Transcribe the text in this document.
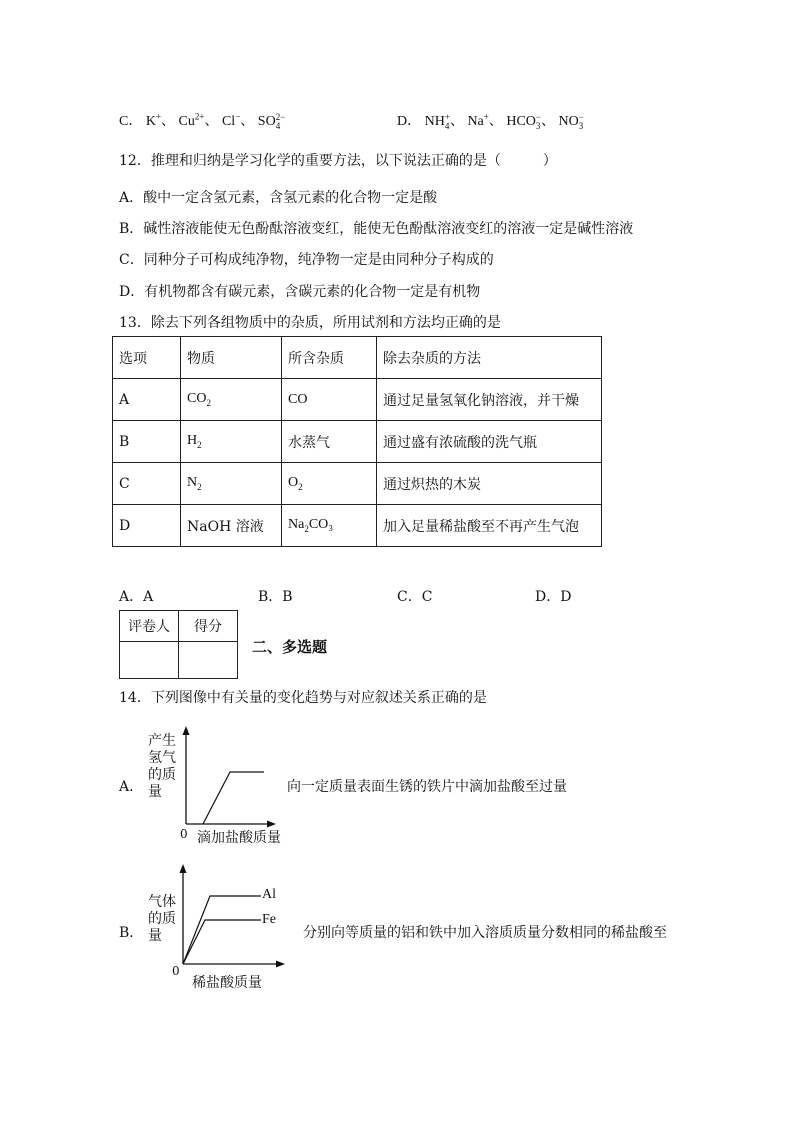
C． K+、 $Cu^{2+}$、 Cl−、 SO 2−
4	D． NH +
4 、 Na+、 HCO −
3 、 NO −
3
12．推理和归纳是学习化学的重要方法，以下说法正确的是（　　　）
A．酸中一定含氢元素，含氢元素的化合物一定是酸
B．碱性溶液能使无色酚酞溶液变红，能使无色酚酞溶液变红的溶液一定是碱性溶液
C．同种分子可构成纯净物，纯净物一定是由同种分子构成的
D．有机物都含有碳元素，含碳元素的化合物一定是有机物
13．除去下列各组物质中的杂质，所用试剂和方法均正确的是
选项	物质	所含杂质	除去杂质的方法
A	$CO_2$	CO	通过足量氢氧化钠溶液，并干燥
B	$H_2$	水蒸气	通过盛有浓硫酸的洗气瓶
C	$N_2$	$O_2$	通过炽热的木炭
D	NaOH 溶液	$Na_2CO_3$	加入足量稀盐酸至不再产生气泡
A．A	B．B	C．C	D．D
评卷人	得分

二、多选题
14．下列图像中有关量的变化趋势与对应叙述关系正确的是
A．
产生
氢气
的质
量
0 滴加盐酸质量
向一定质量表面生锈的铁片中滴加盐酸至过量
B．
气体
的质
量
Al
Fe
0
稀盐酸质量
分别向等质量的铝和铁中加入溶质质量分数相同的稀盐酸至
